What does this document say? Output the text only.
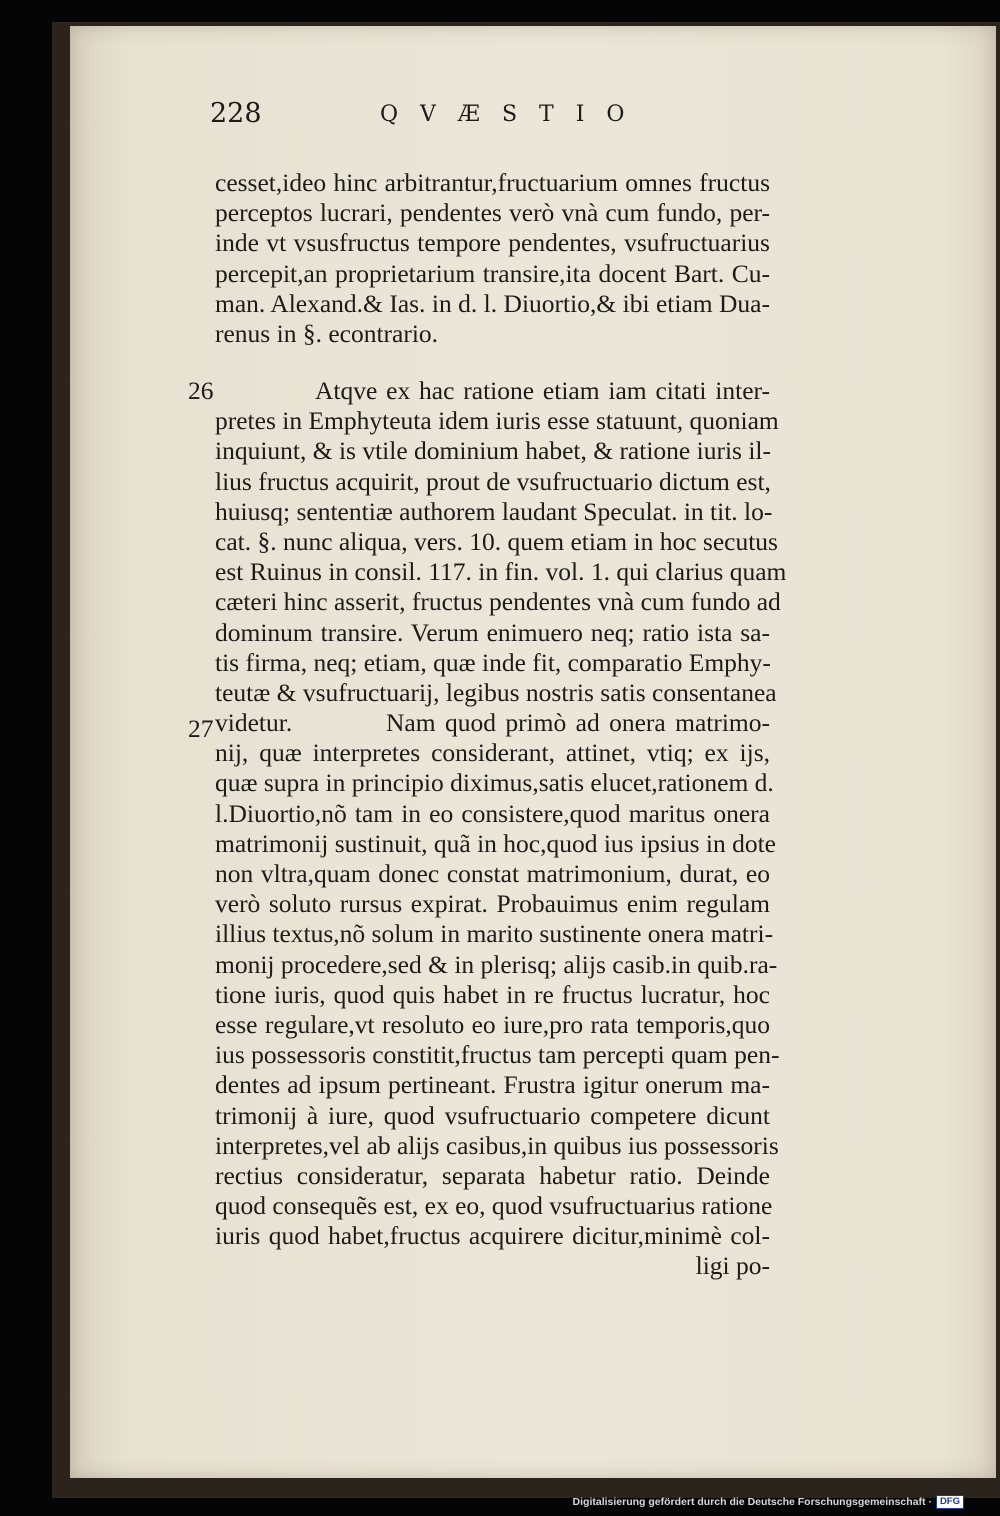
228	QVÆSTIO
cesset,ideo hinc arbitrantur,fructuarium omnes fructus
perceptos lucrari, pendentes verò vnà cum fundo, per-
inde vt vsusfructus tempore pendentes, vsufructuarius
percepit,an proprietarium transire,ita docent Bart. Cu-
man. Alexand.& Ias. in d. l. Diuortio,& ibi etiam Dua-
renus in §. econtrario.
26
27
Atqve ex hac ratione etiam iam citati inter-
pretes in Emphyteuta idem iuris esse statuunt, quoniam
inquiunt, & is vtile dominium habet, & ratione iuris il-
lius fructus acquirit, prout de vsufructuario dictum est,
huiusq; sententiæ authorem laudant Speculat. in tit. lo-
cat. §. nunc aliqua, vers. 10. quem etiam in hoc secutus
est Ruinus in consil. 117. in fin. vol. 1. qui clarius quam
cæteri hinc asserit, fructus pendentes vnà cum fundo ad
dominum transire. Verum enimuero neq; ratio ista sa-
tis firma, neq; etiam, quæ inde fit, comparatio Emphy-
teutæ & vsufructuarij, legibus nostris satis consentanea
videtur.          Nam quod primò ad onera matrimo-
nij, quæ interpretes considerant, attinet, vtiq; ex ijs,
quæ supra in principio diximus,satis elucet,rationem d.
l.Diuortio,nõ tam in eo consistere,quod maritus onera
matrimonij sustinuit, quã in hoc,quod ius ipsius in dote
non vltra,quam donec constat matrimonium, durat, eo
verò soluto rursus expirat. Probauimus enim regulam
illius textus,nõ solum in marito sustinente onera matri-
monij procedere,sed & in plerisq; alijs casib.in quib.ra-
tione iuris, quod quis habet in re fructus lucratur, hoc
esse regulare,vt resoluto eo iure,pro rata temporis,quo
ius possessoris constitit,fructus tam percepti quam pen-
dentes ad ipsum pertineant. Frustra igitur onerum ma-
trimonij à iure, quod vsufructuario competere dicunt
interpretes,vel ab alijs casibus,in quibus ius possessoris
rectius consideratur, separata habetur ratio. Deinde
quod consequẽs est, ex eo, quod vsufructuarius ratione
iuris quod habet,fructus acquirere dicitur,minimè col-
ligi po-
Digitalisierung gefördert durch die Deutsche Forschungsgemeinschaft · DFG
